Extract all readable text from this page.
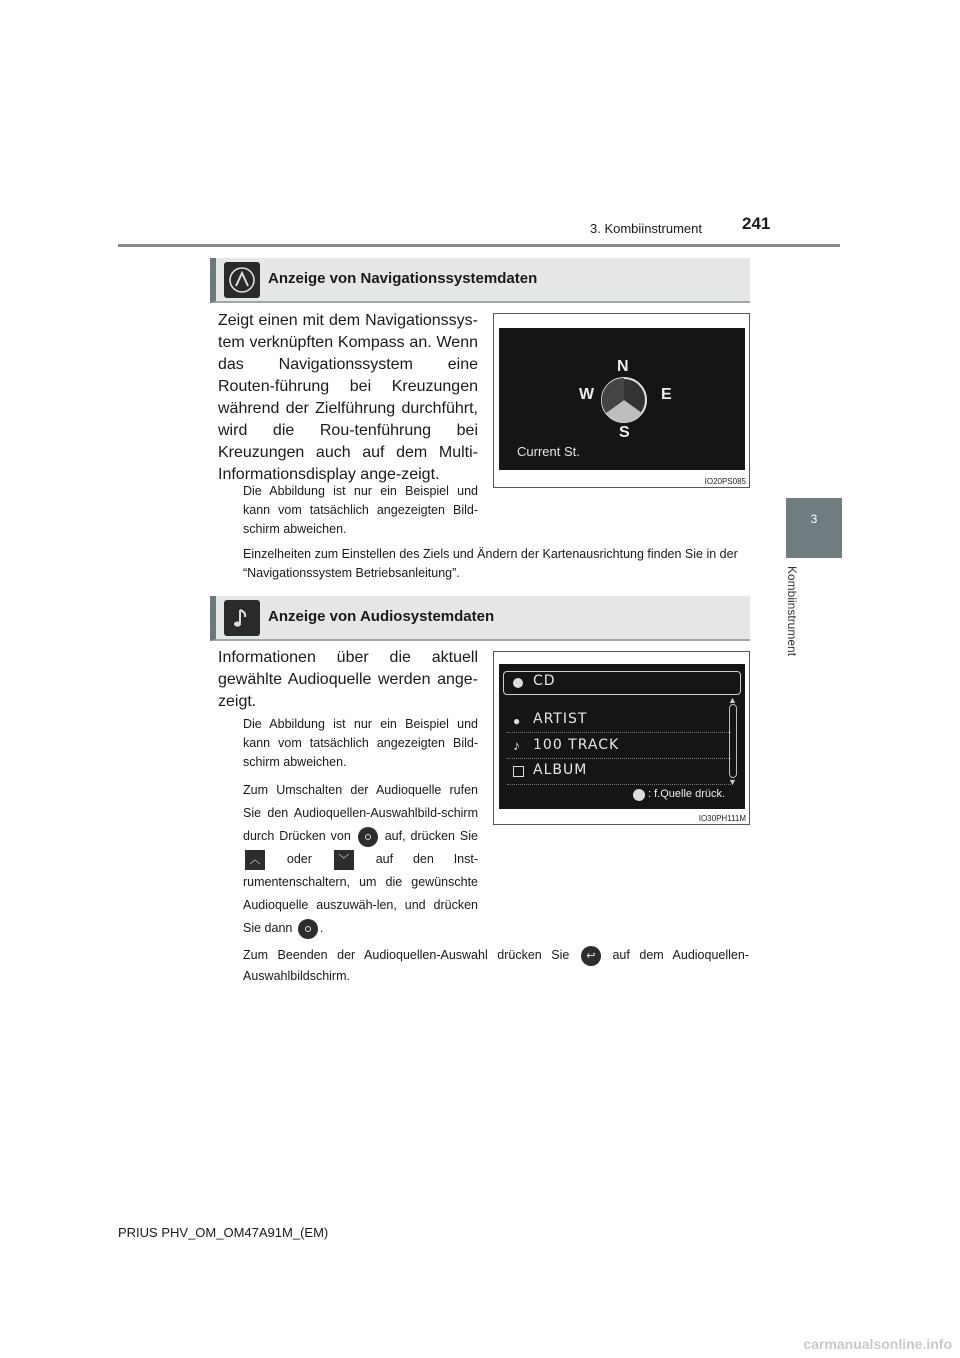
3. Kombiinstrument 241
3
Kombiinstrument
Anzeige von Navigationssystemdaten
Zeigt einen mit dem Navigationssys-tem verknüpften Kompass an. Wenn das Navigationssystem eine Routen-führung bei Kreuzungen während der Zielführung durchführt, wird die Rou-tenführung bei Kreuzungen auch auf dem Multi-Informationsdisplay ange-zeigt.
Die Abbildung ist nur ein Beispiel und kann vom tatsächlich angezeigten Bild-schirm abweichen.
Einzelheiten zum Einstellen des Ziels und Ändern der Kartenausrichtung finden Sie in der “Navigationssystem Betriebsanleitung”.
N
E
S
W
Current St.
IO20PS085
Anzeige von Audiosystemdaten
Informationen über die aktuell gewählte Audioquelle werden ange-zeigt.
Die Abbildung ist nur ein Beispiel und kann vom tatsächlich angezeigten Bild-schirm abweichen.
Zum Umschalten der Audioquelle rufen Sie den Audioquellen-Auswahlbild-schirm durch Drücken von	auf, drücken Sie ︿ oder ﹀ auf den Inst-rumentenschaltern, um die gewünschte Audioquelle auszuwäh-len, und drücken Sie dann .
Zum Beenden der Audioquellen-Auswahl drücken Sie ↩ auf dem Audioquellen-Auswahlbildschirm.
CD
● ARTIST
♪ 100 TRACK
ALBUM
▲
▼
: f.Quelle drück.
IO30PH111M
PRIUS PHV_OM_OM47A91M_(EM)
carmanualsonline.info
